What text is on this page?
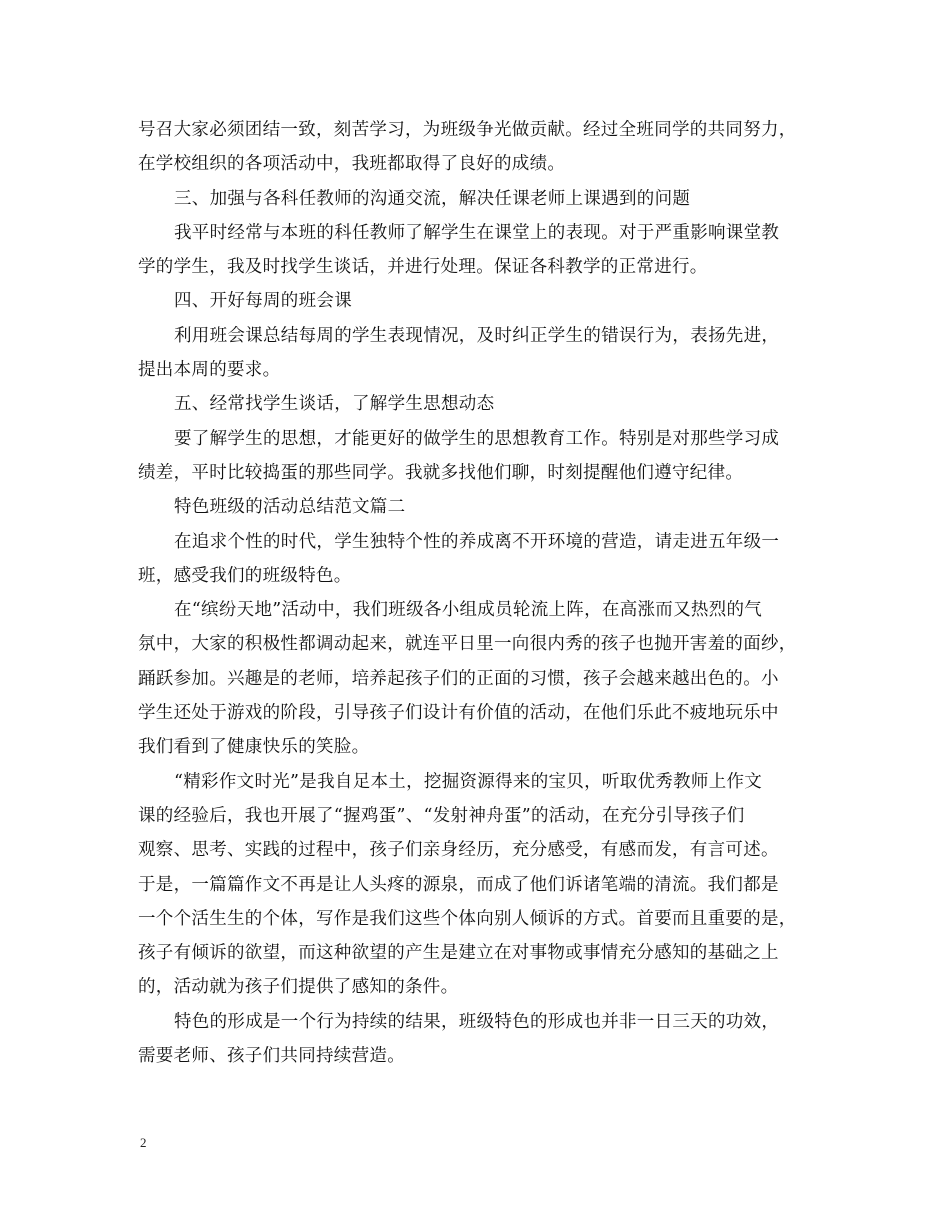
号召大家必须团结一致，刻苦学习，为班级争光做贡献。经过全班同学的共同努力，
在学校组织的各项活动中，我班都取得了良好的成绩。
三、加强与各科任教师的沟通交流，解决任课老师上课遇到的问题
我平时经常与本班的科任教师了解学生在课堂上的表现。对于严重影响课堂教
学的学生，我及时找学生谈话，并进行处理。保证各科教学的正常进行。
四、开好每周的班会课
利用班会课总结每周的学生表现情况，及时纠正学生的错误行为，表扬先进，
提出本周的要求。
五、经常找学生谈话，了解学生思想动态
要了解学生的思想，才能更好的做学生的思想教育工作。特别是对那些学习成
绩差，平时比较捣蛋的那些同学。我就多找他们聊，时刻提醒他们遵守纪律。
特色班级的活动总结范文篇二
在追求个性的时代，学生独特个性的养成离不开环境的营造，请走进五年级一
班，感受我们的班级特色。
在“缤纷天地”活动中，我们班级各小组成员轮流上阵，在高涨而又热烈的气
氛中，大家的积极性都调动起来，就连平日里一向很内秀的孩子也抛开害羞的面纱，
踊跃参加。兴趣是的老师，培养起孩子们的正面的习惯，孩子会越来越出色的。小
学生还处于游戏的阶段，引导孩子们设计有价值的活动，在他们乐此不疲地玩乐中
我们看到了健康快乐的笑脸。
“精彩作文时光”是我自足本土，挖掘资源得来的宝贝，听取优秀教师上作文
课的经验后，我也开展了“握鸡蛋”、“发射神舟蛋”的活动，在充分引导孩子们
观察、思考、实践的过程中，孩子们亲身经历，充分感受，有感而发，有言可述。
于是，一篇篇作文不再是让人头疼的源泉，而成了他们诉诸笔端的清流。我们都是
一个个活生生的个体，写作是我们这些个体向别人倾诉的方式。首要而且重要的是，
孩子有倾诉的欲望，而这种欲望的产生是建立在对事物或事情充分感知的基础之上
的，活动就为孩子们提供了感知的条件。
特色的形成是一个行为持续的结果，班级特色的形成也并非一日三天的功效，
需要老师、孩子们共同持续营造。
2
